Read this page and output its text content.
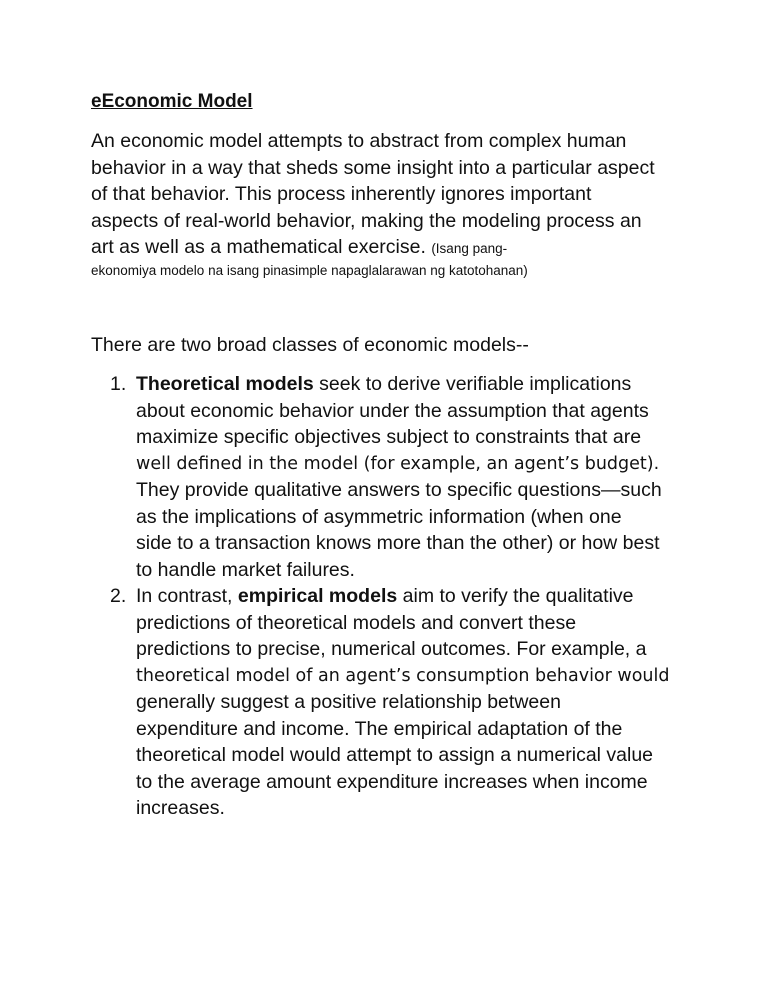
eEconomic Model

An economic model attempts to abstract from complex human

behavior in a way that sheds some insight into a particular aspect

of that behavior. This process inherently ignores important

aspects of real-world behavior, making the modeling process an

art as well as a mathematical exercise. (Isang pang-

ekonomiya modelo na isang pinasimple napaglalarawan ng katotohanan)

There are two broad classes of economic models--
1. Theoretical models seek to derive verifiable implications
about economic behavior under the assumption that agents
maximize specific objectives subject to constraints that are
well defined in the model (for example, an agent’s budget).
They provide qualitative answers to specific questions—such
as the implications of asymmetric information (when one
side to a transaction knows more than the other) or how best
to handle market failures.
2. In contrast, empirical models aim to verify the qualitative
predictions of theoretical models and convert these
predictions to precise, numerical outcomes. For example, a
theoretical model of an agent’s consumption behavior would
generally suggest a positive relationship between
expenditure and income. The empirical adaptation of the
theoretical model would attempt to assign a numerical value
to the average amount expenditure increases when income
increases.
